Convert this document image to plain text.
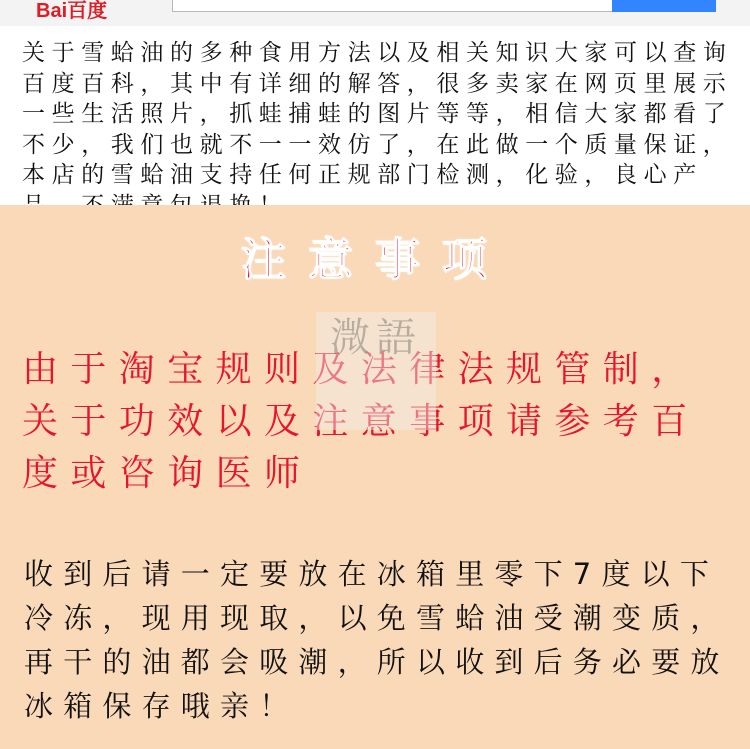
Bai百度
关于雪蛤油的多种食用方法以及相关知识大家可以查询百度百科，其中有详细的解答，很多卖家在网页里展示一些生活照片，抓蛙捕蛙的图片等等，相信大家都看了不少，我们也就不一一效仿了，在此做一个质量保证，本店的雪蛤油支持任何正规部门检测，化验，良心产
注意事项
由于淘宝规则及法律法规管制，关于功效以及注意事项请参考百度或咨询医师
收到后请一定要放在冰箱里零下7度以下冷冻，现用现取，以免雪蛤油受潮变质，再干的油都会吸潮，所以收到后务必要放冰箱保存哦亲！
溦語
